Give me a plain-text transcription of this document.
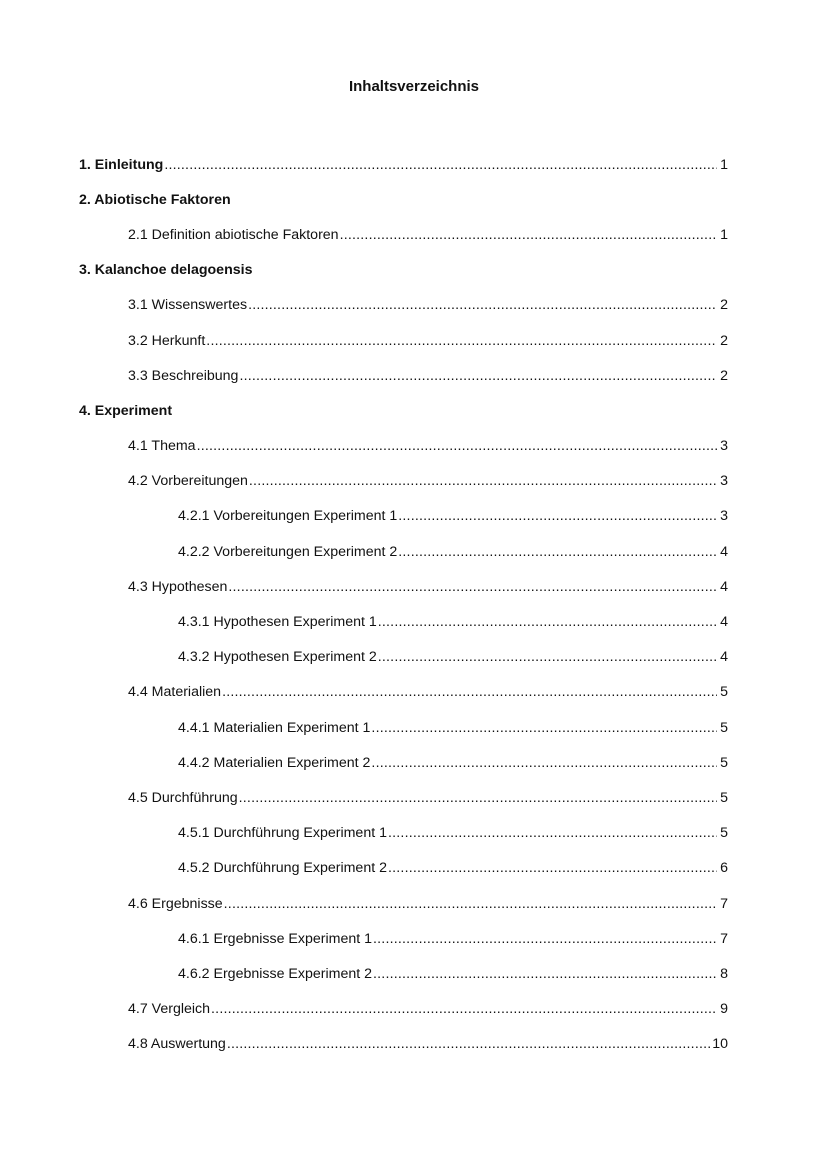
Inhaltsverzeichnis
1. Einleitung .....	1
2. Abiotische Faktoren
2.1 Definition abiotische Faktoren .....	1
3. Kalanchoe delagoensis
3.1 Wissenswertes .....	2
3.2 Herkunft .....	2
3.3 Beschreibung .....	2
4. Experiment
4.1 Thema .....	3
4.2 Vorbereitungen .....	3
4.2.1 Vorbereitungen Experiment 1 .....	3
4.2.2 Vorbereitungen Experiment 2 .....	4
4.3 Hypothesen .....	4
4.3.1 Hypothesen Experiment 1 .....	4
4.3.2 Hypothesen Experiment 2 .....	4
4.4 Materialien .....	5
4.4.1 Materialien Experiment 1 .....	5
4.4.2 Materialien Experiment 2 .....	5
4.5 Durchführung .....	5
4.5.1 Durchführung Experiment 1 .....	5
4.5.2 Durchführung Experiment 2 .....	6
4.6 Ergebnisse .....	7
4.6.1 Ergebnisse Experiment 1 .....	7
4.6.2 Ergebnisse Experiment 2 .....	8
4.7 Vergleich .....	9
4.8 Auswertung .....	10
